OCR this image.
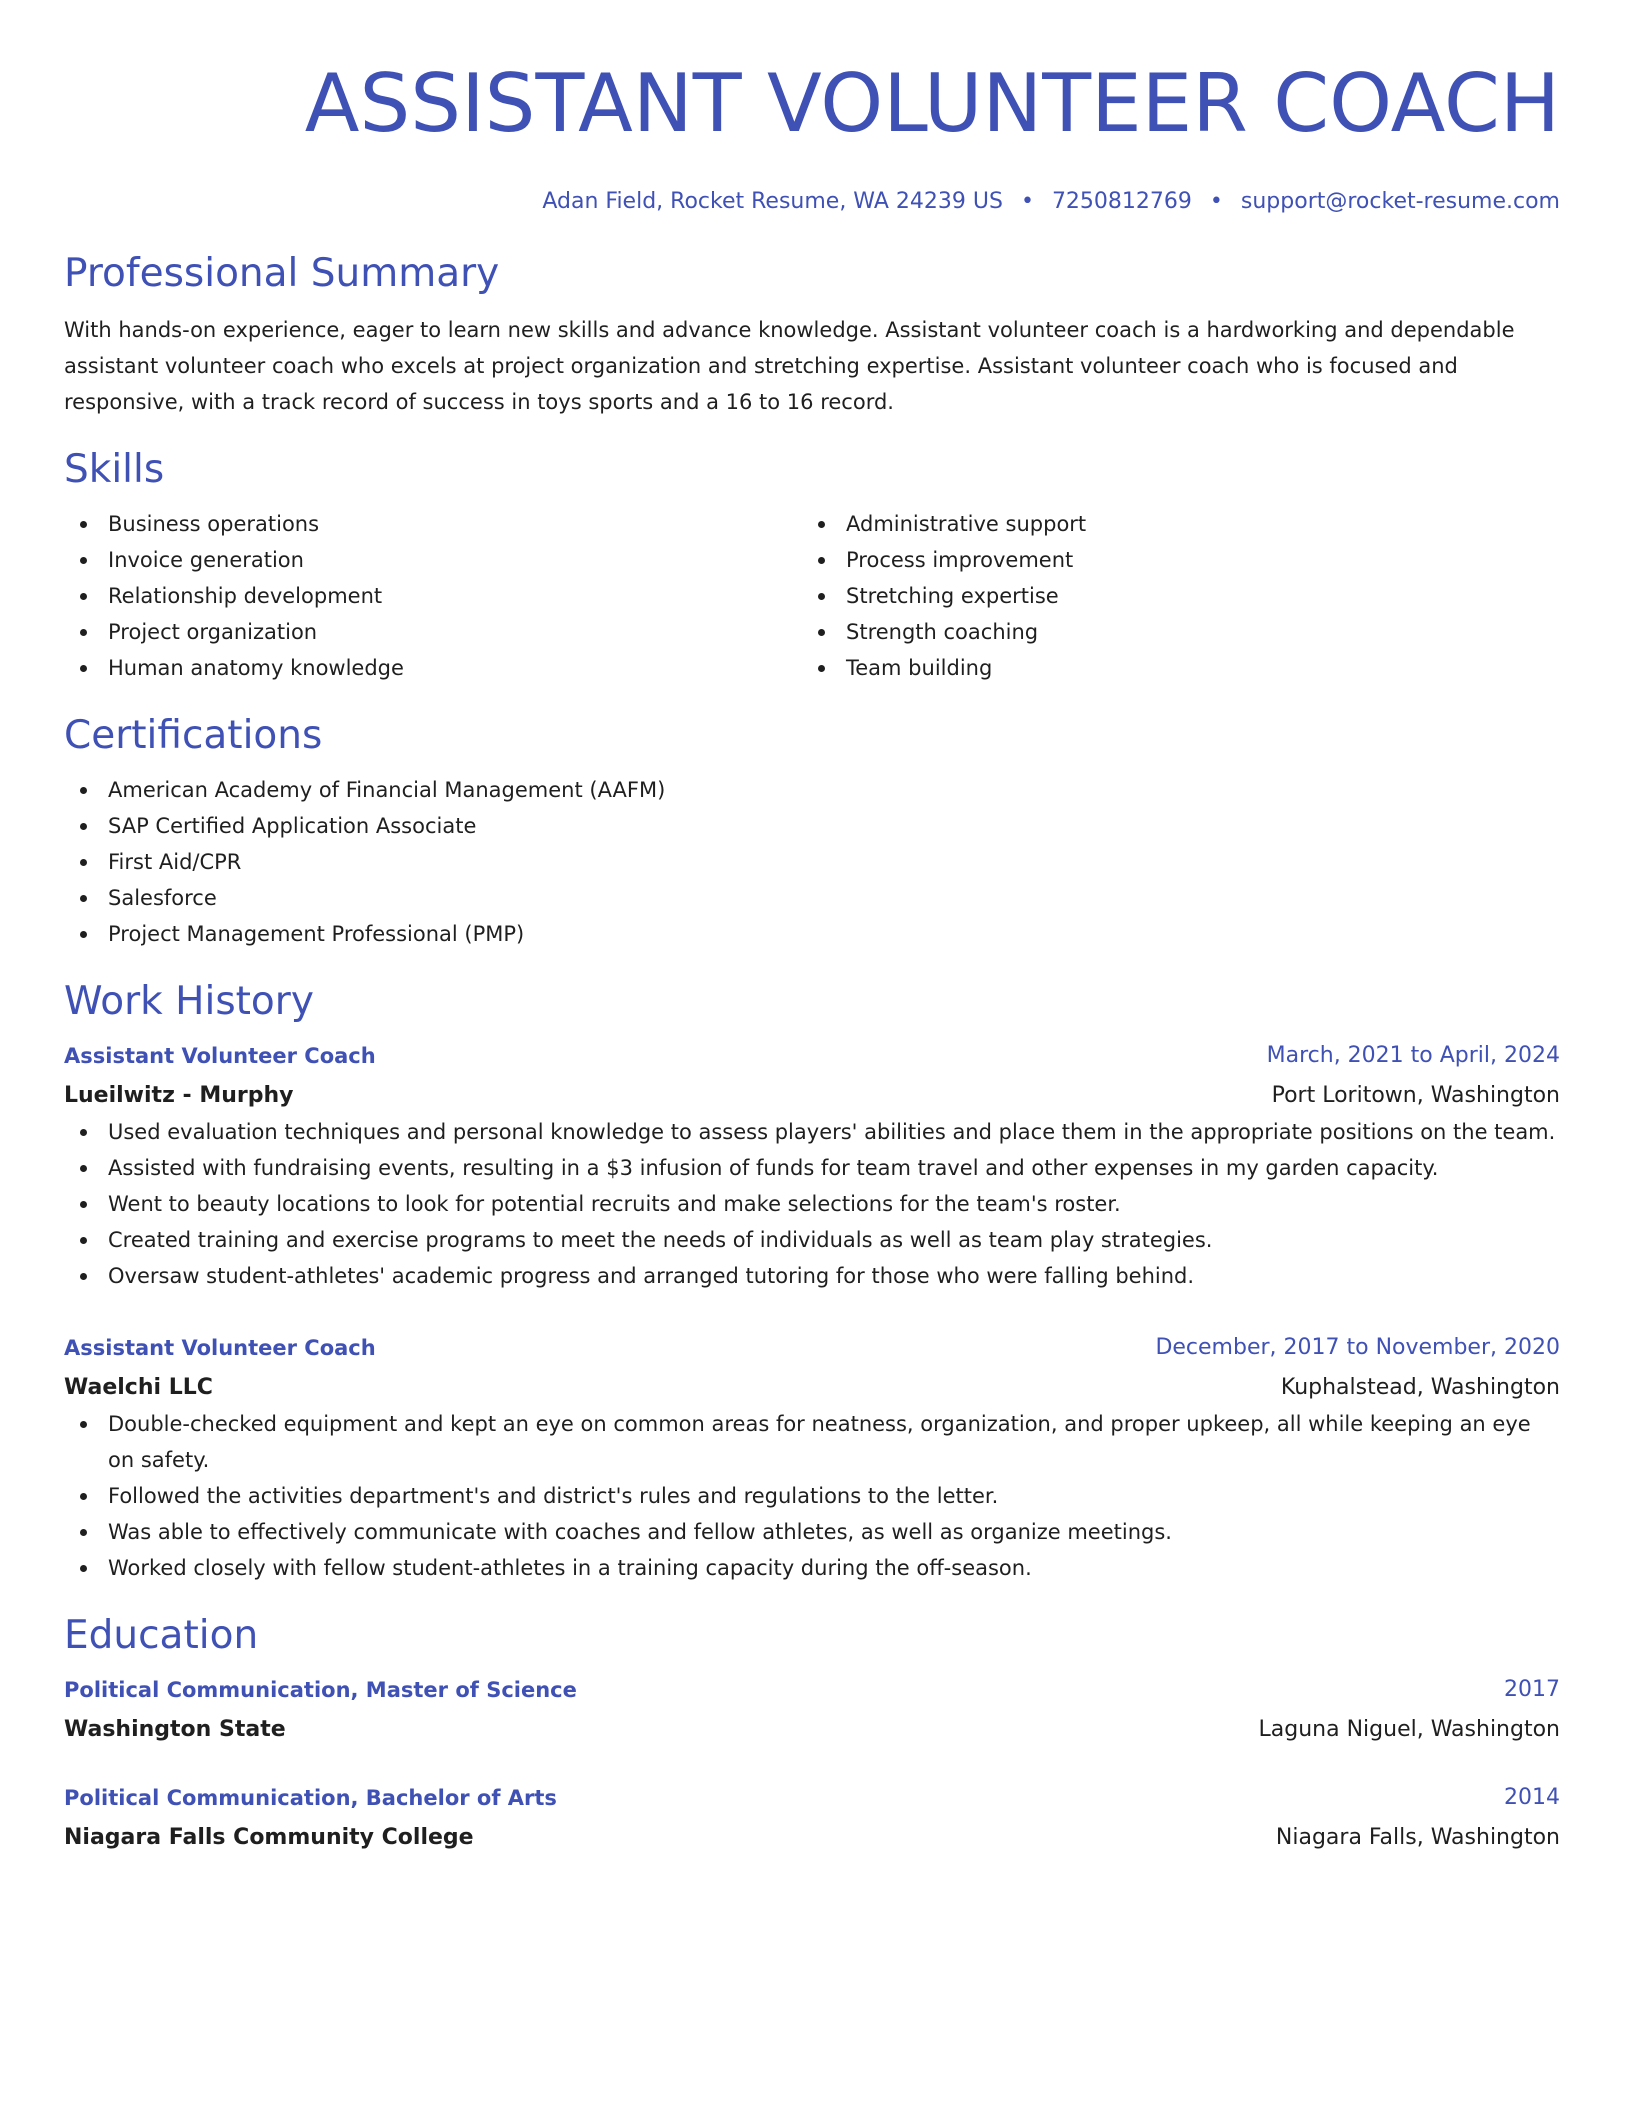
ASSISTANT VOLUNTEER COACH
Adan Field, Rocket Resume, WA 24239 US • 7250812769 • support@rocket-resume.com
Professional Summary

With hands-on experience, eager to learn new skills and advance knowledge. Assistant volunteer coach is a hardworking and dependable assistant volunteer coach who excels at project organization and stretching expertise. Assistant volunteer coach who is focused and responsive, with a track record of success in toys sports and a 16 to 16 record.

Skills
Business operations
Invoice generation
Relationship development
Project organization
Human anatomy knowledge
Administrative support
Process improvement
Stretching expertise
Strength coaching
Team building
Certifications
American Academy of Financial Management (AAFM)
SAP Certified Application Associate
First Aid/CPR
Salesforce
Project Management Professional (PMP)
Work History
Assistant Volunteer Coach	March, 2021 to April, 2024
Lueilwitz - Murphy	Port Loritown, Washington
Used evaluation techniques and personal knowledge to assess players' abilities and place them in the appropriate positions on the team.
Assisted with fundraising events, resulting in a $3 infusion of funds for team travel and other expenses in my garden capacity.
Went to beauty locations to look for potential recruits and make selections for the team's roster.
Created training and exercise programs to meet the needs of individuals as well as team play strategies.
Oversaw student-athletes' academic progress and arranged tutoring for those who were falling behind.
Assistant Volunteer Coach	December, 2017 to November, 2020
Waelchi LLC	Kuphalstead, Washington
Double-checked equipment and kept an eye on common areas for neatness, organization, and proper upkeep, all while keeping an eye on safety.
Followed the activities department's and district's rules and regulations to the letter.
Was able to effectively communicate with coaches and fellow athletes, as well as organize meetings.
Worked closely with fellow student-athletes in a training capacity during the off-season.
Education
Political Communication, Master of Science	2017
Washington State	Laguna Niguel, Washington
Political Communication, Bachelor of Arts	2014
Niagara Falls Community College	Niagara Falls, Washington
